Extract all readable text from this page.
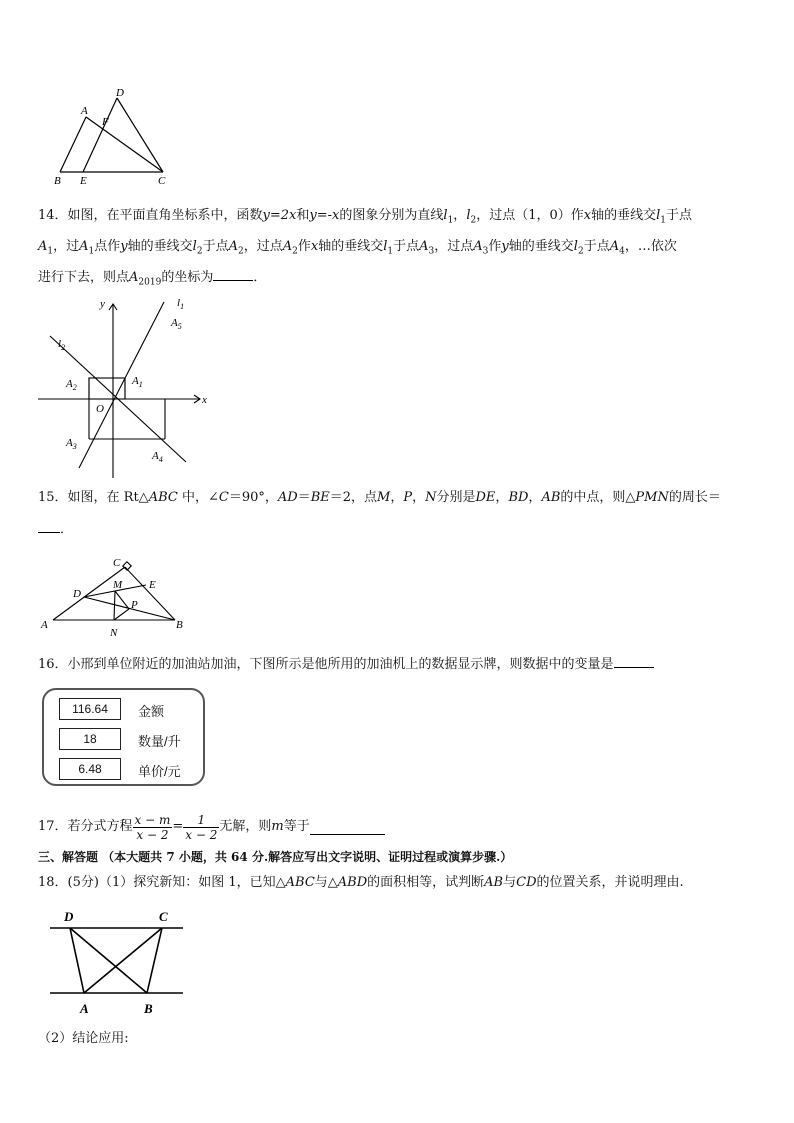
A
D
F
B E	C
14．如图，在平面直角坐标系中，函数y=2x和y=-x的图象分别为直线$l_1$，$l_2$，过点（1，0）作x轴的垂线交$l_1$于点
$A_1$，过$A_1$点作y轴的垂线交$l_2$于点$A_2$，过点$A_2$作x轴的垂线交$l_1$于点$A_3$，过点$A_3$作y轴的垂线交$l_2$于点$A_4$，…依次
进行下去，则点$A_{2019}$的坐标为	．
y
x
O
$l_1$
$l_2$
$A_1$
$A_2$
$A_3$
$A_4$
$A_5$
15．如图，在 Rt△ABC 中，∠C＝90°，AD＝BE＝2，点M，P，N分别是DE，BD，AB的中点，则△PMN的周长＝
．
A	B
C
D
E
M
N
P
16．小邢到单位附近的加油站加油，下图所示是他所用的加油机上的数据显示牌，则数据中的变量是
116.64	金额
18	数量/升
6.48	单价/元
17．若分式方程 $\frac{x - m}{x - 2} = \frac{1}{x - 2}$ 无解，则 m 等于
三、解答题 （本大题共 7 小题，共 64 分.解答应写出文字说明、证明过程或演算步骤.）
18．(5分)（1）探究新知：如图 1，已知△ABC与△ABD的面积相等，试判断AB与CD的位置关系，并说明理由.
D	C
A	B
（2）结论应用:
